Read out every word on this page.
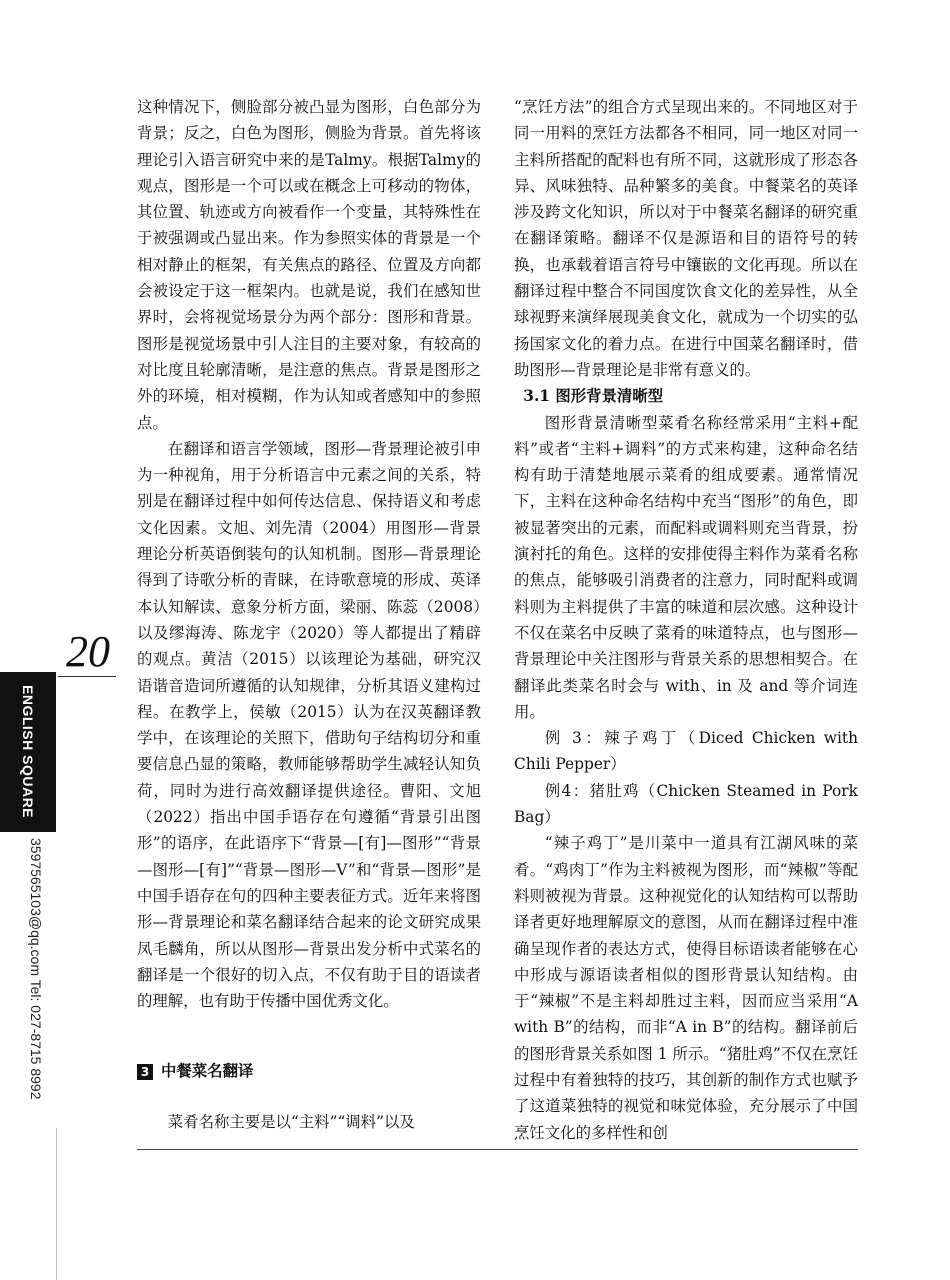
20
ENGLISH SQUARE
3597565103@qq.com Tel: 027-8715 8992

这种情况下，侧脸部分被凸显为图形，白色部分为背景；反之，白色为图形，侧脸为背景。首先将该理论引入语言研究中来的是Talmy。根据Talmy的观点，图形是一个可以或在概念上可移动的物体，其位置、轨迹或方向被看作一个变量，其特殊性在于被强调或凸显出来。作为参照实体的背景是一个相对静止的框架，有关焦点的路径、位置及方向都会被设定于这一框架内。也就是说，我们在感知世界时，会将视觉场景分为两个部分：图形和背景。图形是视觉场景中引人注目的主要对象，有较高的对比度且轮廓清晰，是注意的焦点。背景是图形之外的环境，相对模糊，作为认知或者感知中的参照点。

在翻译和语言学领域，图形—背景理论被引申为一种视角，用于分析语言中元素之间的关系，特别是在翻译过程中如何传达信息、保持语义和考虑文化因素。文旭、刘先清（2004）用图形—背景理论分析英语倒装句的认知机制。图形—背景理论得到了诗歌分析的青睐，在诗歌意境的形成、英译本认知解读、意象分析方面，梁丽、陈蕊（2008）以及缪海涛、陈龙宇（2020）等人都提出了精辟的观点。黄洁（2015）以该理论为基础，研究汉语谐音造词所遵循的认知规律，分析其语义建构过程。在教学上，侯敏（2015）认为在汉英翻译教学中，在该理论的关照下，借助句子结构切分和重要信息凸显的策略，教师能够帮助学生减轻认知负荷，同时为进行高效翻译提供途径。曹阳、文旭（2022）指出中国手语存在句遵循“背景引出图形”的语序，在此语序下“背景—[有]—图形”“背景—图形—[有]”“背景—图形—V”和“背景—图形”是中国手语存在句的四种主要表征方式。近年来将图形—背景理论和菜名翻译结合起来的论文研究成果凤毛麟角，所以从图形—背景出发分析中式菜名的翻译是一个很好的切入点，不仅有助于目的语读者的理解，也有助于传播中国优秀文化。

3 中餐菜名翻译

菜肴名称主要是以“主料”“调料”以及

“烹饪方法”的组合方式呈现出来的。不同地区对于同一用料的烹饪方法都各不相同，同一地区对同一主料所搭配的配料也有所不同，这就形成了形态各异、风味独特、品种繁多的美食。中餐菜名的英译涉及跨文化知识，所以对于中餐菜名翻译的研究重在翻译策略。翻译不仅是源语和目的语符号的转换，也承载着语言符号中镶嵌的文化再现。所以在翻译过程中整合不同国度饮食文化的差异性，从全球视野来演绎展现美食文化，就成为一个切实的弘扬国家文化的着力点。在进行中国菜名翻译时，借助图形—背景理论是非常有意义的。

3.1 图形背景清晰型

图形背景清晰型菜肴名称经常采用“主料+配料”或者“主料+调料”的方式来构建，这种命名结构有助于清楚地展示菜肴的组成要素。通常情况下，主料在这种命名结构中充当“图形”的角色，即被显著突出的元素，而配料或调料则充当背景，扮演衬托的角色。这样的安排使得主料作为菜肴名称的焦点，能够吸引消费者的注意力，同时配料或调料则为主料提供了丰富的味道和层次感。这种设计不仅在菜名中反映了菜肴的味道特点，也与图形—背景理论中关注图形与背景关系的思想相契合。在翻译此类菜名时会与 with、in 及 and 等介词连用。

例 3：辣子鸡丁（Diced Chicken with Chili Pepper）

例4：猪肚鸡（Chicken Steamed in Pork Bag）

“辣子鸡丁”是川菜中一道具有江湖风味的菜肴。“鸡肉丁”作为主料被视为图形，而“辣椒”等配料则被视为背景。这种视觉化的认知结构可以帮助译者更好地理解原文的意图，从而在翻译过程中准确呈现作者的表达方式，使得目标语读者能够在心中形成与源语读者相似的图形背景认知结构。由于“辣椒”不是主料却胜过主料，因而应当采用“A with B”的结构，而非“A in B”的结构。翻译前后的图形背景关系如图 1 所示。“猪肚鸡”不仅在烹饪过程中有着独特的技巧，其创新的制作方式也赋予了这道菜独特的视觉和味觉体验，充分展示了中国烹饪文化的多样性和创
